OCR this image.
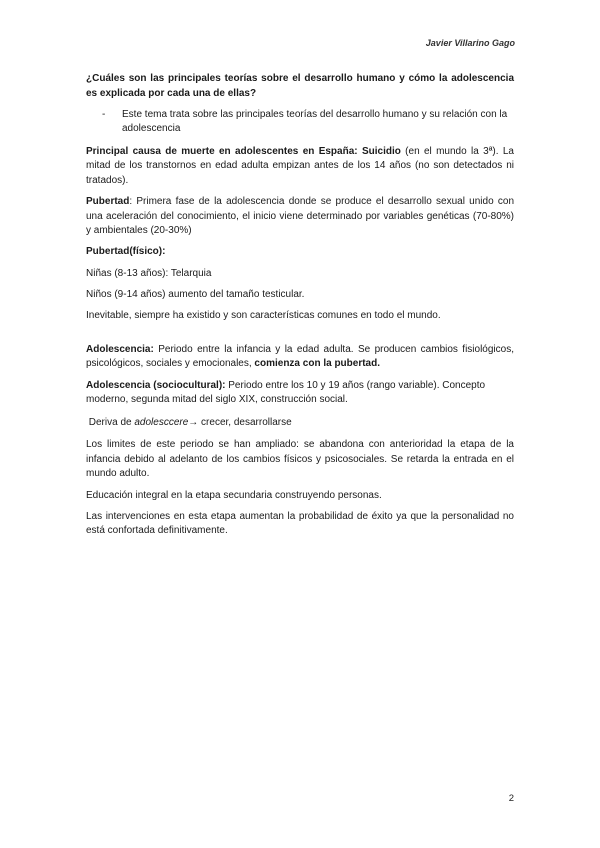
Javier Villarino Gago

¿Cuáles son las principales teorías sobre el desarrollo humano y cómo la adolescencia es explicada por cada una de ellas?

-	Este tema trata sobre las principales teorías del desarrollo humano y su relación con la adolescencia

Principal causa de muerte en adolescentes en España: Suicidio (en el mundo la 3ª). La mitad de los transtornos en edad adulta empizan antes de los 14 años (no son detectados ni tratados).

Pubertad: Primera fase de la adolescencia donde se produce el desarrollo sexual unido con una aceleración del conocimiento, el inicio viene determinado por variables genéticas (70-80%) y ambientales (20-30%)

Pubertad(físico):

Niñas (8-13 años): Telarquia

Niños (9-14 años) aumento del tamaño testicular.

Inevitable, siempre ha existido y son características comunes en todo el mundo.

Adolescencia: Periodo entre la infancia y la edad adulta. Se producen cambios fisiológicos, psicológicos, sociales y emocionales, comienza con la pubertad.

Adolescencia (sociocultural): Periodo entre los 10 y 19 años (rango variable). Concepto moderno, segunda mitad del siglo XIX, construcción social.

Deriva de adolesccere→ crecer, desarrollarse

Los limites de este periodo se han ampliado: se abandona con anterioridad la etapa de la infancia debido al adelanto de los cambios físicos y psicosociales. Se retarda la entrada en el mundo adulto.

Educación integral en la etapa secundaria construyendo personas.

Las intervenciones en esta etapa aumentan la probabilidad de éxito ya que la personalidad no está confortada definitivamente.

2
